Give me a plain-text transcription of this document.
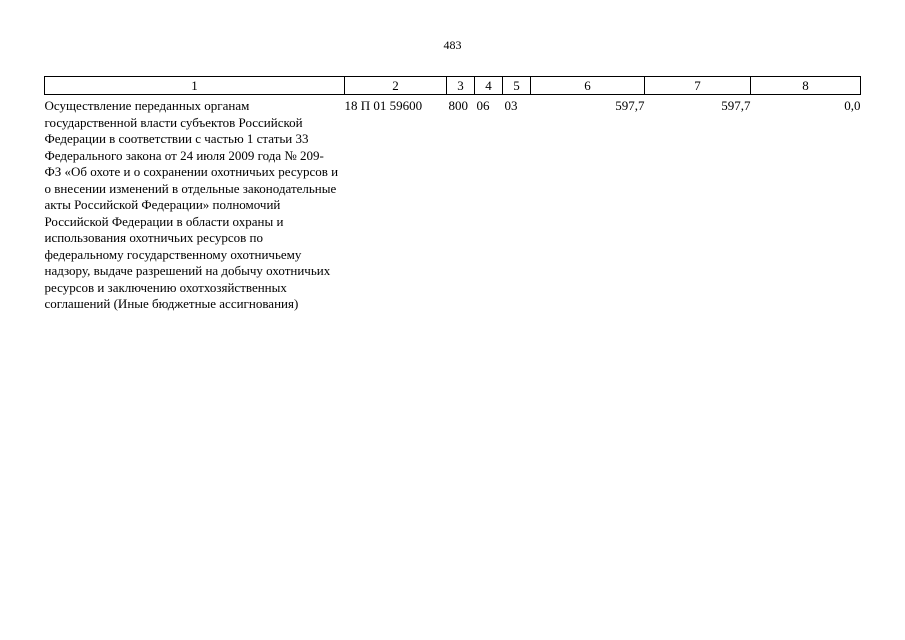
483
1	2	3	4	5	6	7	8
Осуществление переданных органам государственной власти субъектов Российской Федерации в соответствии с частью 1 статьи 33 Федерального закона от 24 июля 2009 года № 209-ФЗ «Об охоте и о сохранении охотничьих ресурсов и о внесении изменений в отдельные законодательные акты Российской Федерации» полномочий Российской Федерации в области охраны и использования охотничьих ресурсов по федеральному государственному охотничьему надзору, выдаче разрешений на добычу охотничьих ресурсов и заключению охотхозяйственных соглашений (Иные бюджетные ассигнования)	18 П 01 59600	800	06	03	597,7	597,7	0,0
